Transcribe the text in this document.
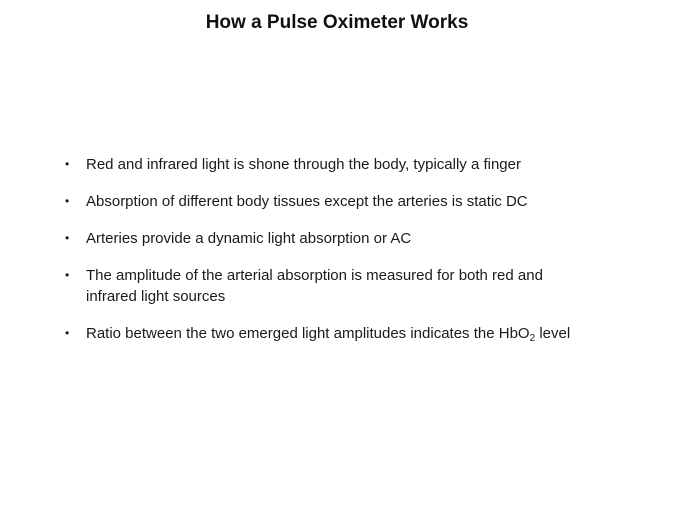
How a Pulse Oximeter Works
• Red and infrared light is shone through the body, typically a finger
• Absorption of different body tissues except the arteries is static DC
• Arteries provide a dynamic light absorption or AC
• The amplitude of the arterial absorption is measured for both red and infrared light sources
• Ratio between the two emerged light amplitudes indicates the HbO$_2$ level
